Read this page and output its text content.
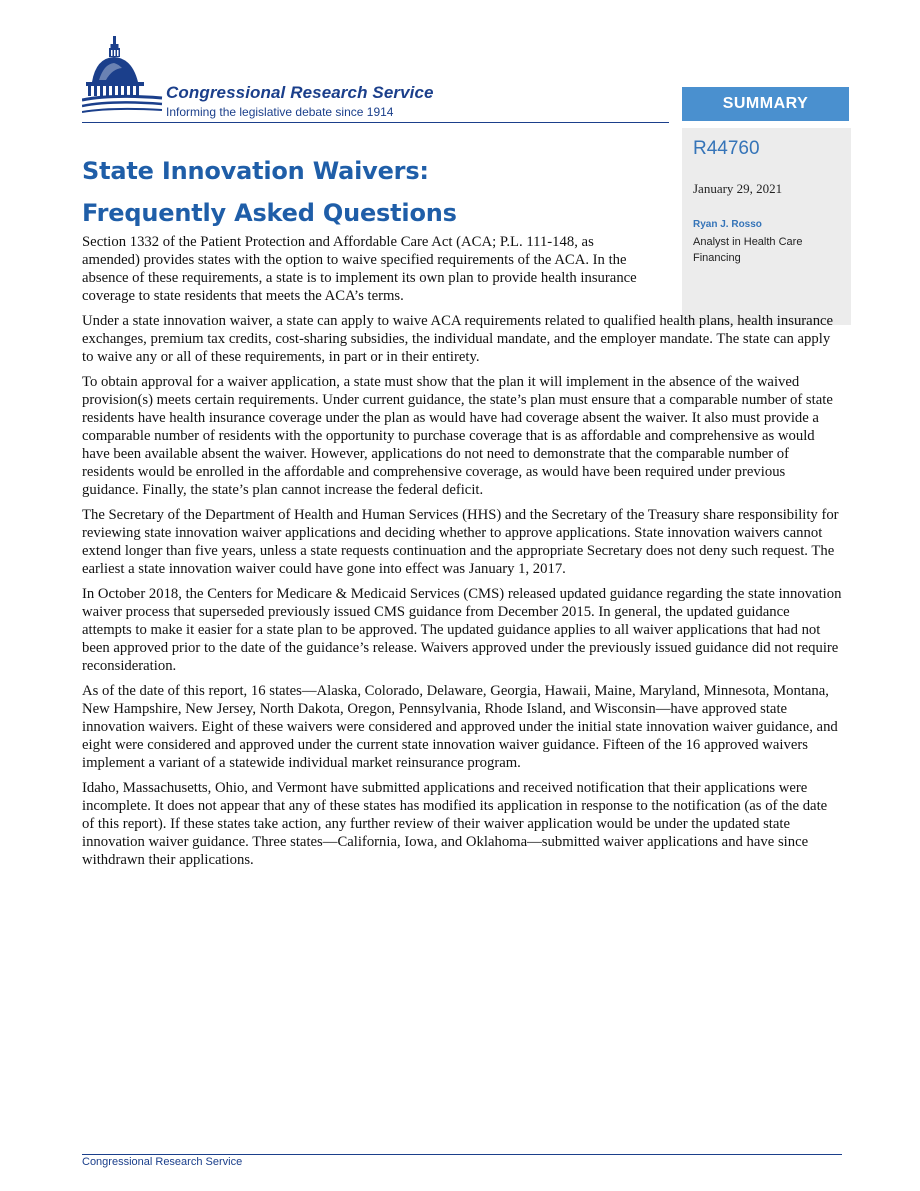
Congressional Research Service
Informing the legislative debate since 1914	SUMMARY
R44760
January 29, 2021
Ryan J. Rosso
Analyst in Health Care Financing
State Innovation Waivers:
Frequently Asked Questions

Section 1332 of the Patient Protection and Affordable Care Act (ACA; P.L. 111-148, as amended) provides states with the option to waive specified requirements of the ACA. In the absence of these requirements, a state is to implement its own plan to provide health insurance coverage to state residents that meets the ACA’s terms.

Under a state innovation waiver, a state can apply to waive ACA requirements related to qualified health plans, health insurance exchanges, premium tax credits, cost-sharing subsidies, the individual mandate, and the employer mandate. The state can apply to waive any or all of these requirements, in part or in their entirety.

To obtain approval for a waiver application, a state must show that the plan it will implement in the absence of the waived provision(s) meets certain requirements. Under current guidance, the state’s plan must ensure that a comparable number of state residents have health insurance coverage under the plan as would have had coverage absent the waiver. It also must provide a comparable number of residents with the opportunity to purchase coverage that is as affordable and comprehensive as would have been available absent the waiver. However, applications do not need to demonstrate that the comparable number of residents would be enrolled in the affordable and comprehensive coverage, as would have been required under previous guidance. Finally, the state’s plan cannot increase the federal deficit.

The Secretary of the Department of Health and Human Services (HHS) and the Secretary of the Treasury share responsibility for reviewing state innovation waiver applications and deciding whether to approve applications. State innovation waivers cannot extend longer than five years, unless a state requests continuation and the appropriate Secretary does not deny such request. The earliest a state innovation waiver could have gone into effect was January 1, 2017.

In October 2018, the Centers for Medicare & Medicaid Services (CMS) released updated guidance regarding the state innovation waiver process that superseded previously issued CMS guidance from December 2015. In general, the updated guidance attempts to make it easier for a state plan to be approved. The updated guidance applies to all waiver applications that had not been approved prior to the date of the guidance’s release. Waivers approved under the previously issued guidance did not require reconsideration.

As of the date of this report, 16 states—Alaska, Colorado, Delaware, Georgia, Hawaii, Maine, Maryland, Minnesota, Montana, New Hampshire, New Jersey, North Dakota, Oregon, Pennsylvania, Rhode Island, and Wisconsin—have approved state innovation waivers. Eight of these waivers were considered and approved under the initial state innovation waiver guidance, and eight were considered and approved under the current state innovation waiver guidance. Fifteen of the 16 approved waivers implement a variant of a statewide individual market reinsurance program.

Idaho, Massachusetts, Ohio, and Vermont have submitted applications and received notification that their applications were incomplete. It does not appear that any of these states has modified its application in response to the notification (as of the date of this report). If these states take action, any further review of their waiver application would be under the updated state innovation waiver guidance. Three states—California, Iowa, and Oklahoma—submitted waiver applications and have since withdrawn their applications.

Congressional Research Service
